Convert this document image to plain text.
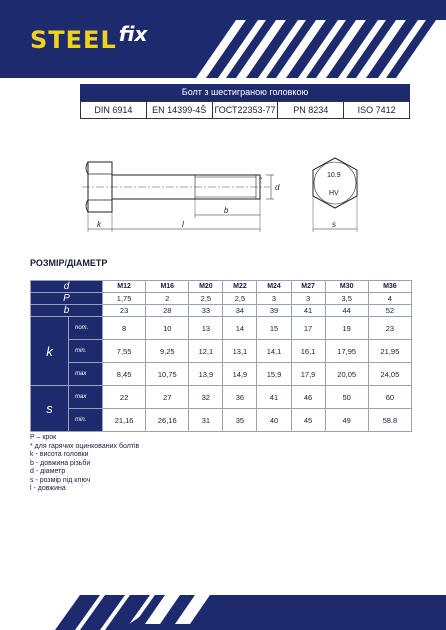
STEEL fix
Болт з шестиграною головкою
DIN 6914	EN 14399-4Š ГОСТ22353-77	PN 8234	ISO 7412
d
b
k	l
10.9
HV
s
РОЗМІР/ДІАМЕТР
d		M12	M16	M20	M22	M24	M27	M30	M36
P		1,75	2	2,5	2,5	3	3	3,5	4
b		23	28	33	34	39	41	44	52
k	nom.	8	10	13	14	15	17	19	23
	min.	7,55	9,25	12,1	13,1	14,1	16,1	17,95	21,95
	max	8,45	10,75	13,9	14,9	15,9	17,9	20,05	24,05
s	max	22	27	32	36	41	46	50	60
	min.	21,16	26,16	31	35	40	45	49	58.8
P – крок
* для гарячих оцинкованих болтів
k - висота головки
b - довжина різьби
d - діаметр
s - розмір під ключ
l - довжина
